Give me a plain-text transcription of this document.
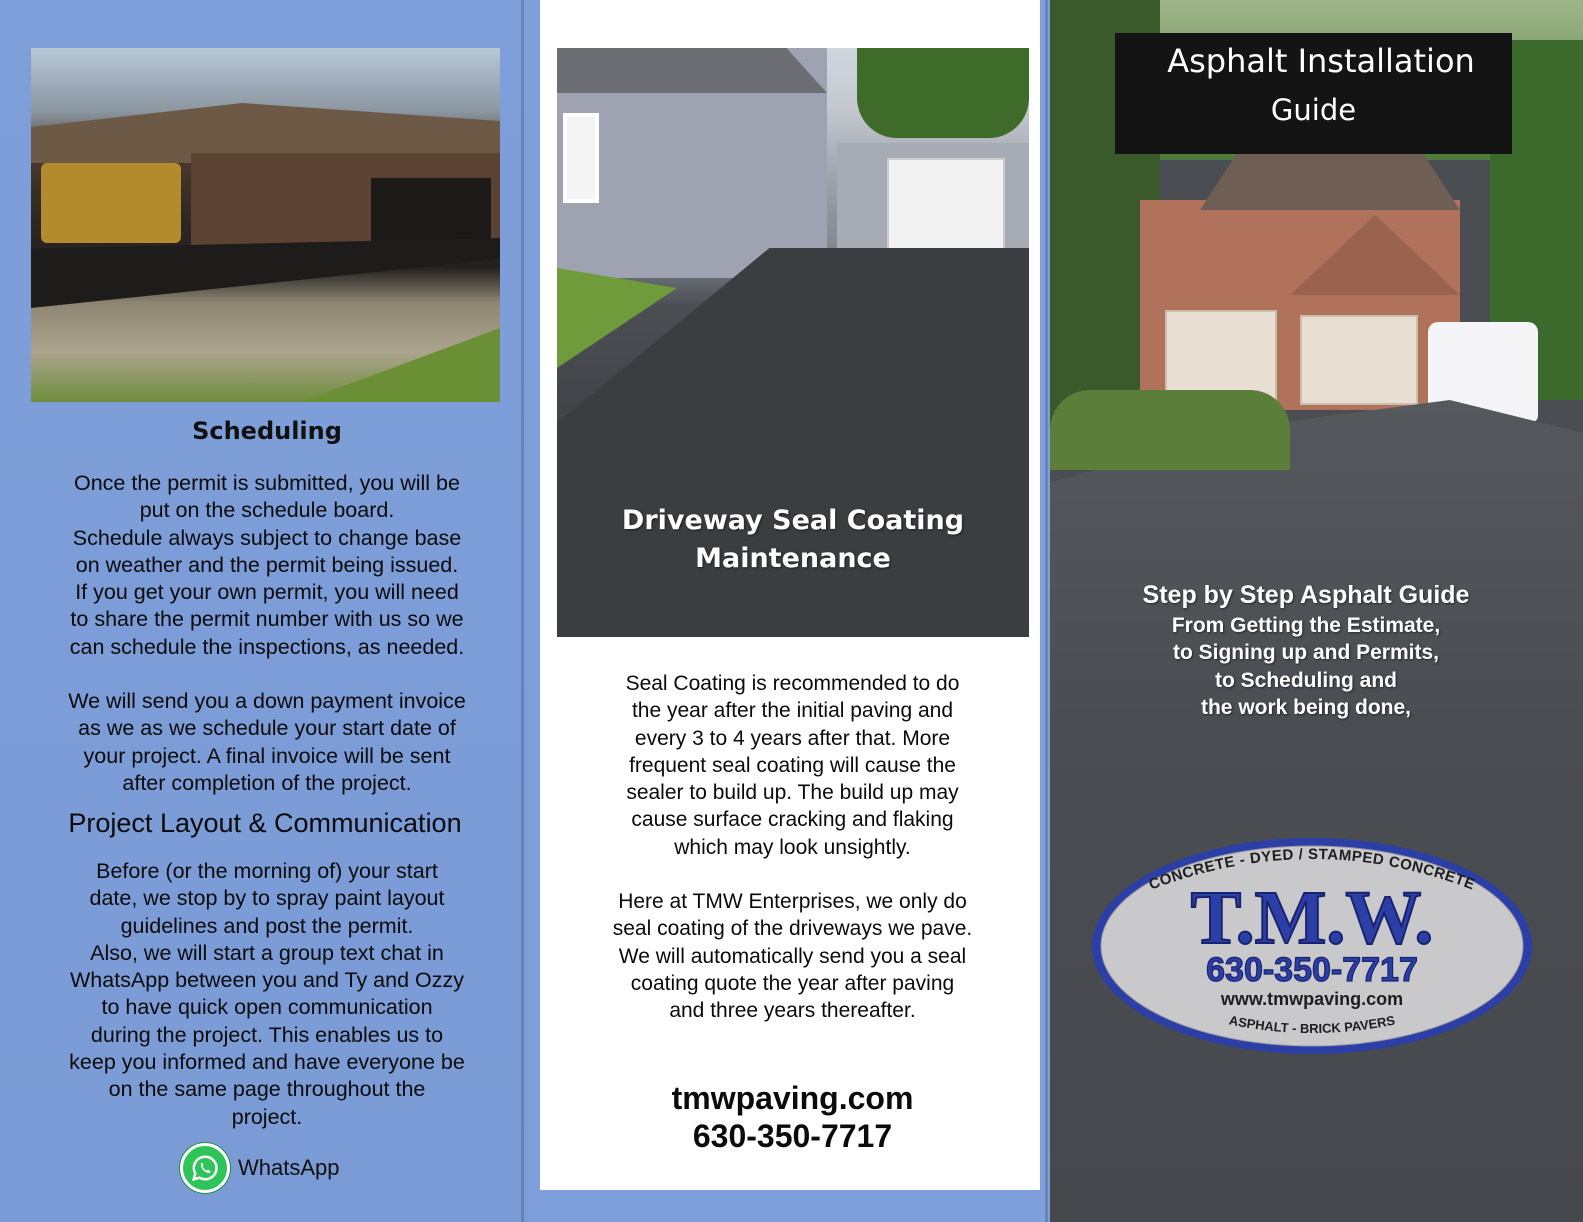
Scheduling
Once the permit is submitted, you will be
put on the schedule board.
Schedule always subject to change base
on weather and the permit being issued.
If you get your own permit, you will need
to share the permit number with us so we
can schedule the inspections, as needed.
We will send you a down payment invoice
as we as we schedule your start date of
your project. A final invoice will be sent
after completion of the project.
Project Layout & Communication
Before (or the morning of) your start
date, we stop by to spray paint layout
guidelines and post the permit.
Also, we will start a group text chat in
WhatsApp between you and Ty and Ozzy
to have quick open communication
during the project. This enables us to
keep you informed and have everyone be
on the same page throughout the
project.
WhatsApp
Driveway Seal Coating
Maintenance
Seal Coating is recommended to do
the year after the initial paving and
every 3 to 4 years after that. More
frequent seal coating will cause the
sealer to build up. The build up may
cause surface cracking and flaking
which may look unsightly.
Here at TMW Enterprises, we only do
seal coating of the driveways we pave.
We will automatically send you a seal
coating quote the year after paving
and three years thereafter.
tmwpaving.com
630-350-7717
Asphalt Installation
Guide
Step by Step Asphalt Guide
From Getting the Estimate,
to Signing up and Permits,
to Scheduling and
the work being done,
CONCRETE - DYED / STAMPED CONCRETE
T.M.W.
630-350-7717
www.tmwpaving.com
ASPHALT - BRICK PAVERS
